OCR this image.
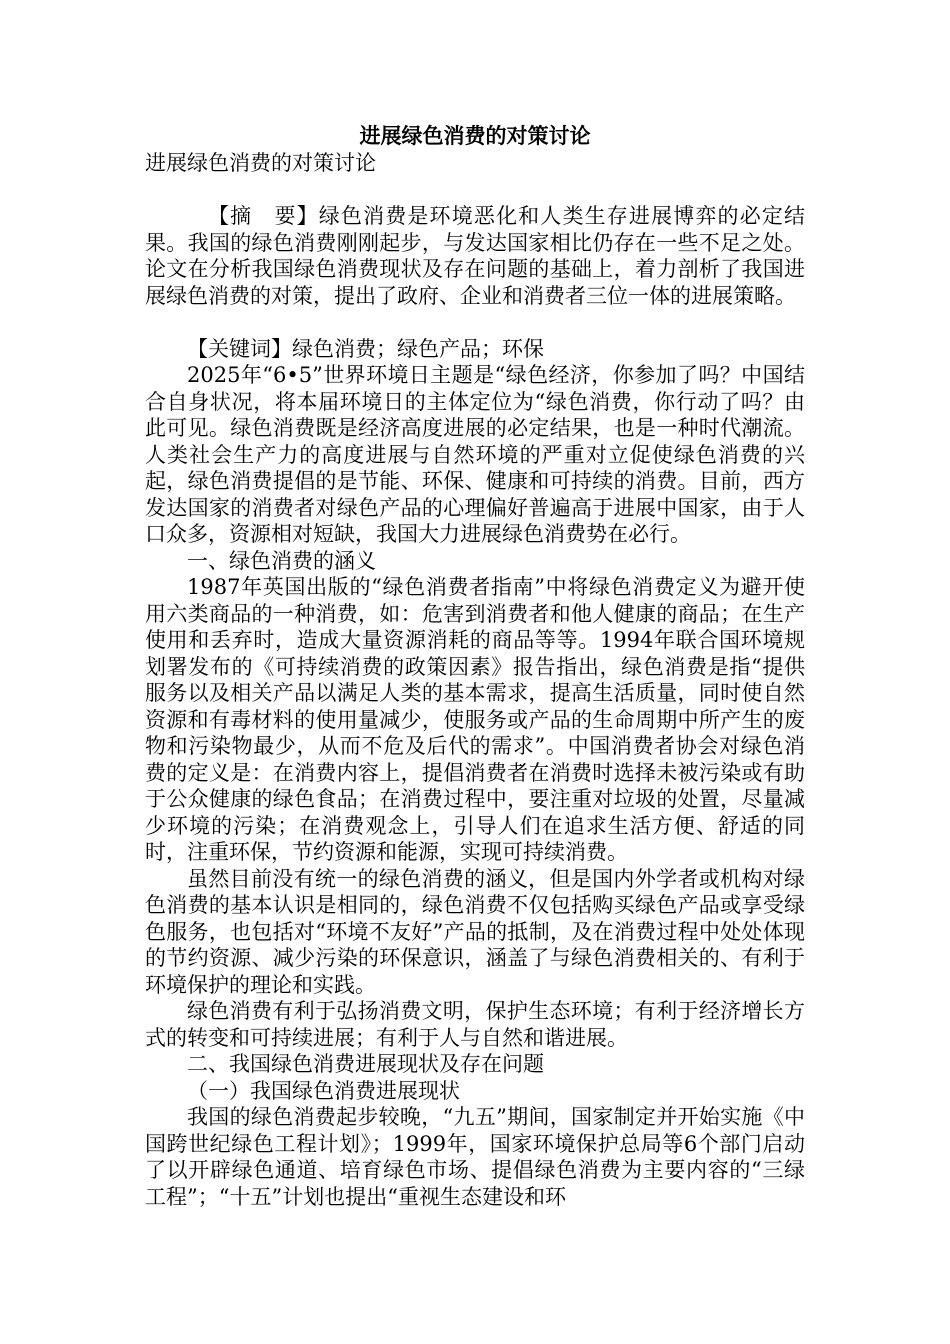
进展绿色消费的对策讨论

进展绿色消费的对策讨论

【摘　要】绿色消费是环境恶化和人类生存进展博弈的必定结果。我国的绿色消费刚刚起步，与发达国家相比仍存在一些不足之处。论文在分析我国绿色消费现状及存在问题的基础上，着力剖析了我国进展绿色消费的对策，提出了政府、企业和消费者三位一体的进展策略。

【关键词】绿色消费；绿色产品；环保

2025年“6•5”世界环境日主题是“绿色经济，你参加了吗？中国结合自身状况，将本届环境日的主体定位为“绿色消费，你行动了吗？由此可见。绿色消费既是经济高度进展的必定结果，也是一种时代潮流。人类社会生产力的高度进展与自然环境的严重对立促使绿色消费的兴起，绿色消费提倡的是节能、环保、健康和可持续的消费。目前，西方发达国家的消费者对绿色产品的心理偏好普遍高于进展中国家，由于人口众多，资源相对短缺，我国大力进展绿色消费势在必行。

一、绿色消费的涵义

1987年英国出版的“绿色消费者指南”中将绿色消费定义为避开使用六类商品的一种消费，如：危害到消费者和他人健康的商品；在生产使用和丢弃时，造成大量资源消耗的商品等等。1994年联合国环境规划署发布的《可持续消费的政策因素》报告指出，绿色消费是指“提供服务以及相关产品以满足人类的基本需求，提高生活质量，同时使自然资源和有毒材料的使用量减少，使服务或产品的生命周期中所产生的废物和污染物最少，从而不危及后代的需求”。中国消费者协会对绿色消费的定义是：在消费内容上，提倡消费者在消费时选择未被污染或有助于公众健康的绿色食品；在消费过程中，要注重对垃圾的处置，尽量减少环境的污染；在消费观念上，引导人们在追求生活方便、舒适的同时，注重环保，节约资源和能源，实现可持续消费。

虽然目前没有统一的绿色消费的涵义，但是国内外学者或机构对绿色消费的基本认识是相同的，绿色消费不仅包括购买绿色产品或享受绿色服务，也包括对“环境不友好”产品的抵制，及在消费过程中处处体现的节约资源、减少污染的环保意识，涵盖了与绿色消费相关的、有利于环境保护的理论和实践。

绿色消费有利于弘扬消费文明，保护生态环境；有利于经济增长方式的转变和可持续进展；有利于人与自然和谐进展。

二、我国绿色消费进展现状及存在问题

（一）我国绿色消费进展现状

我国的绿色消费起步较晚，“九五”期间，国家制定并开始实施《中国跨世纪绿色工程计划》；1999年，国家环境保护总局等6个部门启动了以开辟绿色通道、培育绿色市场、提倡绿色消费为主要内容的“三绿工程”；“十五”计划也提出“重视生态建设和环
